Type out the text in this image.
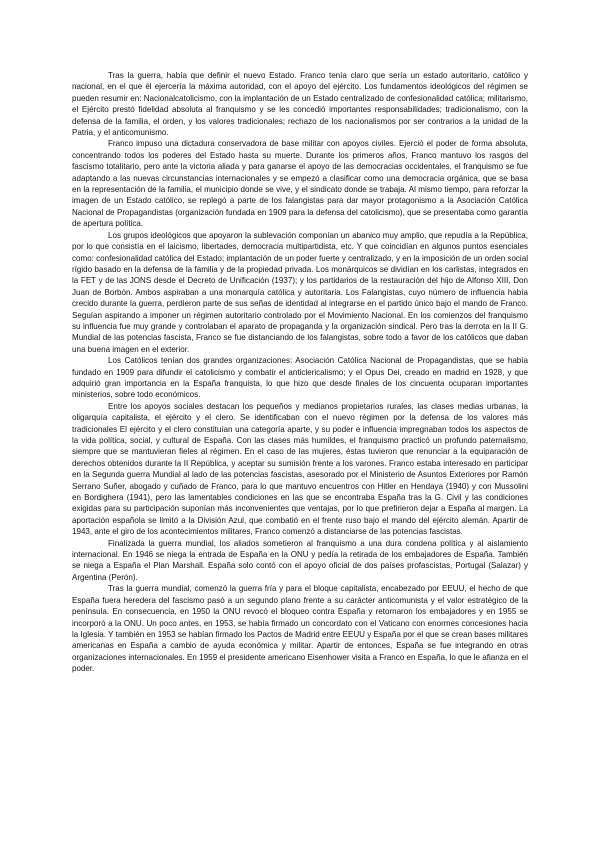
Tras la guerra, había que definir el nuevo Estado. Franco tenía claro que sería un estado autoritario, católico y nacional, en el que él ejercería la máxima autoridad, con el apoyo del ejército. Los fundamentos ideológicos del régimen se pueden resumir en: Nacionalcatolicismo, con la implantación de un Estado centralizado de confesionalidad católica; militarismo, el Ejército prestó fidelidad absoluta al franquismo y se les concedió importantes responsabilidades; tradicionalismo, con la defensa de la familia, el orden, y los valores tradicionales; rechazo de los nacionalismos por ser contrarios a la unidad de la Patria, y el anticomunismo.

Franco impuso una dictadura conservadora de base militar con apoyos civiles. Ejerció el poder de forma absoluta, concentrando todos los poderes del Estado hasta su muerte. Durante los primeros años, Franco mantuvo los rasgos del fascismo totalitario, pero ante la victoria aliada y para ganarse el apoyo de las democracias occidentales, el franquismo se fue adaptando a las nuevas circunstancias internacionales y se empezó a clasificar como una democracia orgánica, que se basa en la representación de la familia, el municipio donde se vive, y el sindicato donde se trabaja. Al mismo tiempo, para reforzar la imagen de un Estado católico, se replegó a parte de los falangistas para dar mayor protagonismo a la Asociación Católica Nacional de Propagandistas (organización fundada en 1909 para la defensa del catolicismo), que se presentaba como garantía de apertura política.

Los grupos ideológicos que apoyaron la sublevación componían un abanico muy amplio, que repudía a la República, por lo que consistía en el laicismo, libertades, democracia multipartidista, etc. Y que coincidían en algunos puntos esenciales como: confesionalidad católica del Estado; implantación de un poder fuerte y centralizado, y en la imposición de un orden social rígido basado en la defensa de la familia y de la propiedad privada. Los monárquicos se dividían en los carlistas, integrados en la FET y de las JONS desde el Decreto de Unificación (1937); y los partidarios de la restauración del hijo de Alfonso XIII, Don Juan de Borbón. Ambos aspiraban a una monarquía católica y autoritaria. Los Falangistas, cuyo número de influencia había crecido durante la guerra, perdieron parte de sus señas de identidad al integrarse en el partido único bajo el mando de Franco. Seguían aspirando a imponer un régimen autoritario controlado por el Movimiento Nacional. En los comienzos del franquismo su influencia fue muy grande y controlaban el aparato de propaganda y la organización sindical. Pero tras la derrota en la II G. Mundial de las potencias fascista, Franco se fue distanciando de los falangistas, sobre todo a favor de los católicos que daban una buena imagen en el exterior.

Los Católicos tenían dos grandes organizaciones: Asociación Católica Nacional de Propagandistas, que se había fundado en 1909 para difundir el catolicismo y combatir el anticlericalismo; y el Opus Dei, creado en madrid en 1928, y que adquirió gran importancia en la España franquista, lo que hizo que desde finales de los cincuenta ocuparan importantes ministerios, sobre todo económicos.

Entre los apoyos sociales destacan los pequeños y medianos propietarios rurales, las clases medias urbanas, la oligarquía capitalista, el ejército y el clero. Se identificaban con el nuevo régimen por la defensa de los valores más tradicionales El ejército y el clero constituían una categoría aparte, y su poder e influencia impregnaban todos los aspectos de la vida política, social, y cultural de España. Con las clases más humildes, el franquismo practicó un profundo paternalismo, siempre que se mantuvieran fieles al régimen. En el caso de las mujeres, éstas tuvieron que renunciar a la equiparación de derechos obtenidos durante la II República, y aceptar su sumisión frente a los varones. Franco estaba interesado en participar en la Segunda guerra Mundial al lado de las potencias fascistas, asesorado por el Ministerio de Asuntos Exteriores por Ramón Serrano Suñer, abogado y cuñado de Franco, para lo que mantuvo encuentros con Hitler en Hendaya (1940) y con Mussolini en Bordighera (1941), pero las lamentables condiciones en las que se encontraba España tras la G. Civil y las condiciones exigidas para su participación suponían más inconvenientes que ventajas, por lo que prefirieron dejar a España al margen. La aportación española se limitó a la División Azul, que combatió en el frente ruso bajo el mando del ejército alemán. Apartir de 1943, ante el giro de los acontecimientos militares, Franco comenzó a distanciarse de las potencias fascistas.

Finalizada la guerra mundial, los aliados sometieron al franquismo a una dura condena política y al aislamiento internacional. En 1946 se niega la entrada de España en la ONU y pedía la retirada de los embajadores de España. También se niega a España el Plan Marshall. España solo contó con el apoyo oficial de dos países profascistas, Portugal (Salazar) y Argentina (Perón).

Tras la guerra mundial, comenzó la guerra fría y para el bloque capitalista, encabezado por EEUU, el hecho de que España fuera heredera del fascismo pasó a un segundo plano frente a su carácter anticomunista y el valor estratégico de la península. En consecuencia, en 1950 la ONU revocó el bloqueo contra España y retornaron los embajadores y en 1955 se incorporó a la ONU. Un poco antes, en 1953, se había firmado un concordato con el Vaticano con enormes concesiones hacia la Iglesia. Y también en 1953 se habían firmado los Pactos de Madrid entre EEUU y España por el que se crean bases militares americanas en España a cambio de ayuda económica y militar. Apartir de entonces, España se fue integrando en otras organizaciones internacionales. En 1959 el presidente americano Eisenhower visita a Franco en España, lo que le afianza en el poder.
